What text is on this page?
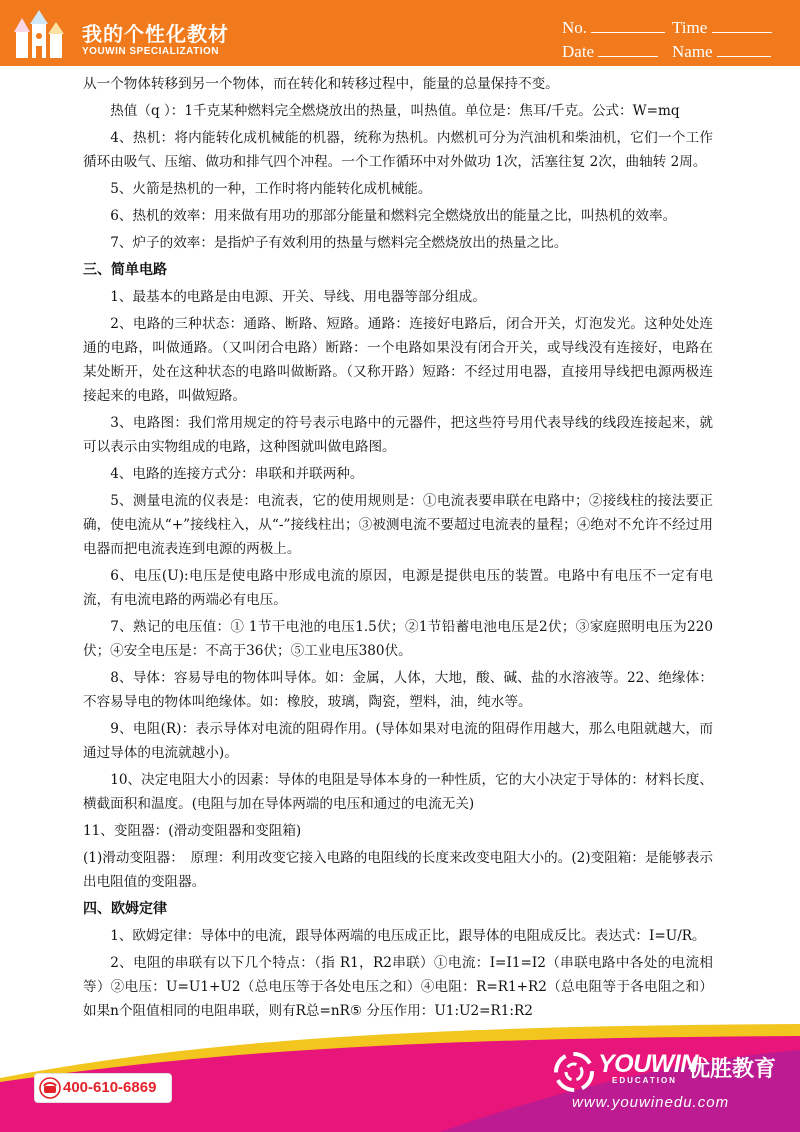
我的个性化教材
YOUWIN SPECIALIZATION
No.	Time
Date	Name
从一个物体转移到另一个物体，而在转化和转移过程中，能量的总量保持不变。
热值（q ）：1千克某种燃料完全燃烧放出的热量，叫热值。单位是：焦耳/千克。公式：W=mq
4、热机：将内能转化成机械能的机器，统称为热机。内燃机可分为汽油机和柴油机，它们一个工作循环由吸气、压缩、做功和排气四个冲程。一个工作循环中对外做功 1次，活塞往复 2次，曲轴转 2周。
5、火箭是热机的一种，工作时将内能转化成机械能。
6、热机的效率：用来做有用功的那部分能量和燃料完全燃烧放出的能量之比，叫热机的效率。
7、炉子的效率：是指炉子有效利用的热量与燃料完全燃烧放出的热量之比。
三、简单电路
1、最基本的电路是由电源、开关、导线、用电器等部分组成。
2、电路的三种状态：通路、断路、短路。通路：连接好电路后，闭合开关，灯泡发光。这种处处连通的电路，叫做通路。（又叫闭合电路）断路：一个电路如果没有闭合开关，或导线没有连接好，电路在某处断开，处在这种状态的电路叫做断路。（又称开路）短路：不经过用电器，直接用导线把电源两极连接起来的电路，叫做短路。
3、电路图：我们常用规定的符号表示电路中的元器件，把这些符号用代表导线的线段连接起来，就可以表示由实物组成的电路，这种图就叫做电路图。
4、电路的连接方式分：串联和并联两种。
5、测量电流的仪表是：电流表，它的使用规则是：①电流表要串联在电路中；②接线柱的接法要正确，使电流从“+”接线柱入，从“-”接线柱出；③被测电流不要超过电流表的量程；④绝对不允许不经过用电器而把电流表连到电源的两极上。
6、电压(U):电压是使电路中形成电流的原因，电源是提供电压的装置。电路中有电压不一定有电流，有电流电路的两端必有电压。
7、熟记的电压值：① 1节干电池的电压1.5伏；②1节铅蓄电池电压是2伏；③家庭照明电压为220伏；④安全电压是：不高于36伏；⑤工业电压380伏。
8、导体：容易导电的物体叫导体。如：金属，人体，大地，酸、碱、盐的水溶液等。22、绝缘体：不容易导电的物体叫绝缘体。如：橡胶，玻璃，陶瓷，塑料，油，纯水等。
9、电阻(R)：表示导体对电流的阻碍作用。(导体如果对电流的阻碍作用越大，那么电阻就越大，而通过导体的电流就越小)。
10、决定电阻大小的因素：导体的电阻是导体本身的一种性质，它的大小决定于导体的：材料长度、横截面积和温度。(电阻与加在导体两端的电压和通过的电流无关)
11、变阻器：(滑动变阻器和变阻箱)
(1)滑动变阻器：　原理：利用改变它接入电路的电阻线的长度来改变电阻大小的。(2)变阻箱：是能够表示出电阻值的变阻器。
四、欧姆定律
1、欧姆定律：导体中的电流，跟导体两端的电压成正比，跟导体的电阻成反比。表达式：I=U/R。
2、电阻的串联有以下几个特点：（指 R1，R2串联）①电流：I=I1=I2（串联电路中各处的电流相等）②电压：U=U1+U2（总电压等于各处电压之和）④电阻：R=R1+R2（总电阻等于各电阻之和）如果n个阻值相同的电阻串联，则有R总=nR⑤ 分压作用：U1:U2=R1:R2
400-610-6869
YOUWIN
EDUCATION 优胜教育
www.youwinedu.com
